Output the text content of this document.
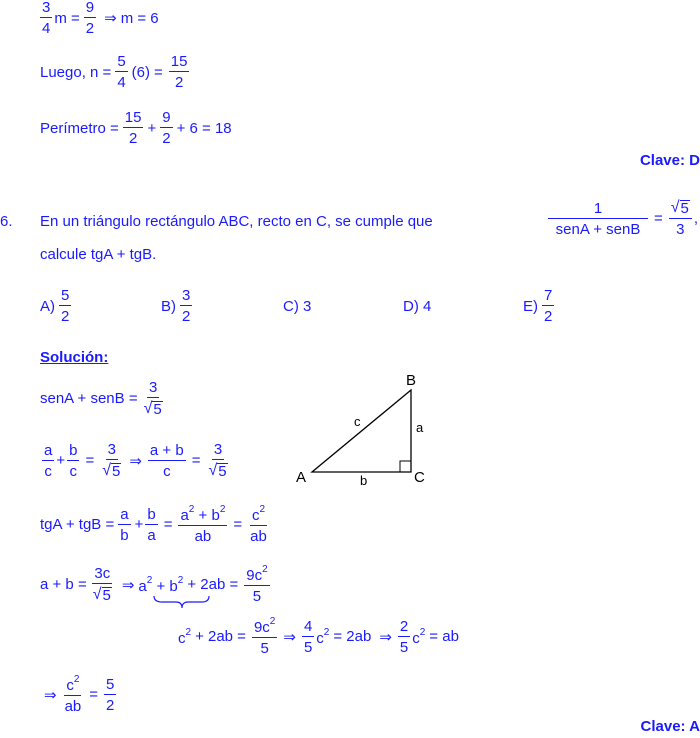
$\frac{3}{4}$ $m = \frac{9}{2}$ ⇒ m = 6
Luego, $n = \frac{5}{4} (6) = \frac{15}{2}$
Perímetro = $\frac{15}{2} + \frac{9}{2} + 6 = 18$
Clave: D
6. En un triángulo rectángulo ABC, recto en C, se cumple que	$\frac{1}{\text{senA + senB}} = \frac{√ 5}{3}$ ,
calcule tgA + tgB.
$A) \frac{5}{2}$	$B) \frac{3}{2}$	C) 3	D) 4	$E) \frac{7}{2}$
Solución:
senA + senB = $\frac{3}{√ 5}$
$\frac{a}{c} + \frac{b}{c} = \frac{3}{√ 5}$ ⇒ $\frac{a + b}{c} = \frac{3}{√ 5}$	A
B
C
a
b
c
tgA + tgB = $\frac{a}{b} + \frac{b}{a} = \frac{a^2 + b^2}{ab} = \frac{c^2}{ab}$
$a + b = \frac{3c}{√ 5}$ ⇒ $a^2 + b^2 + 2ab = \frac{9c^2}{5}$
$c^2 + 2ab = \frac{9c^2}{5}$ ⇒ $\frac{4}{5} c^2 = 2ab$ ⇒ $\frac{2}{5} c^2$ = ab
⇒ $\frac{c^2}{ab} = \frac{5}{2}$
Clave: A
